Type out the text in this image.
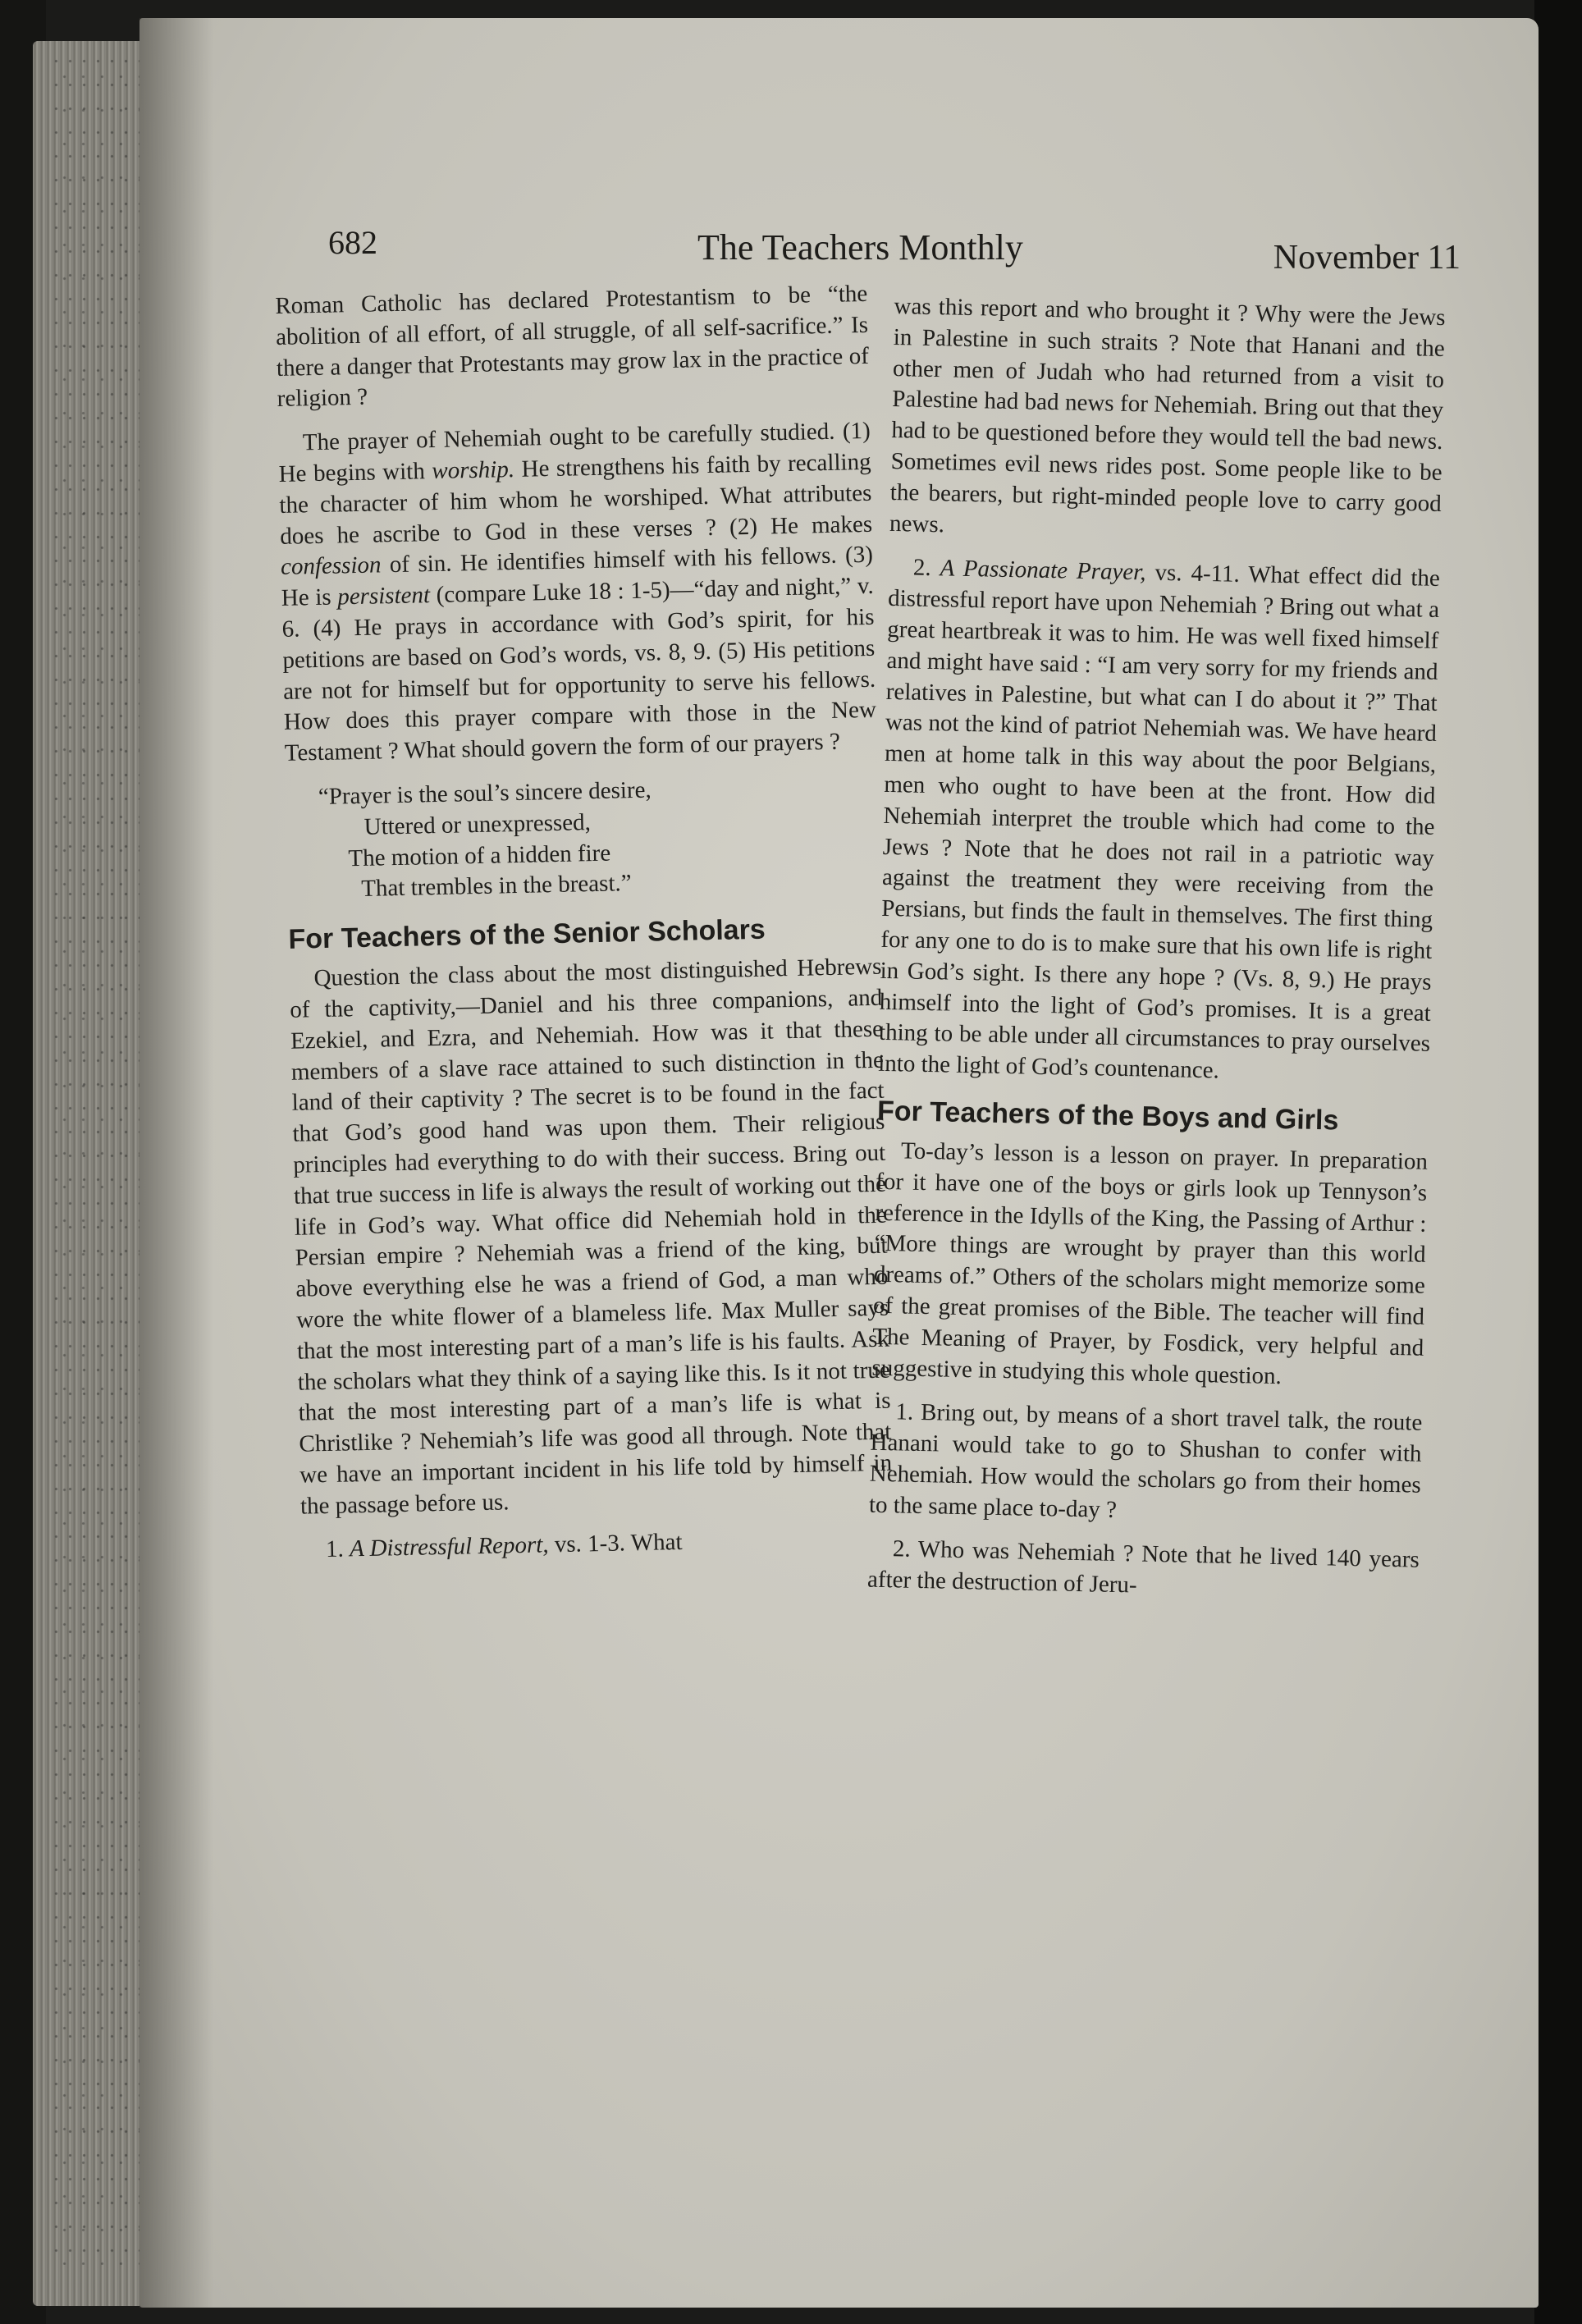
682	The Teachers Monthly	November 11

Roman Catholic has declared Protestantism to be “the abolition of all effort, of all struggle, of all self-sacrifice.” Is there a danger that Protestants may grow lax in the practice of religion ?

The prayer of Nehemiah ought to be carefully studied. (1) He begins with worship. He strengthens his faith by recalling the character of him whom he worshiped. What attributes does he ascribe to God in these verses ? (2) He makes confession of sin. He identifies himself with his fellows. (3) He is persistent (compare Luke 18 : 1-5)—“day and night,” v. 6. (4) He prays in accordance with God’s spirit, for his petitions are based on God’s words, vs. 8, 9. (5) His petitions are not for himself but for opportunity to serve his fellows. How does this prayer compare with those in the New Testament ? What should govern the form of our prayers ?

“Prayer is the soul’s sincere desire,
Uttered or unexpressed,
The motion of a hidden fire
That trembles in the breast.”
For Teachers of the Senior Scholars

Question the class about the most distinguished Hebrews of the captivity,—Daniel and his three companions, and Ezekiel, and Ezra, and Nehemiah. How was it that these members of a slave race attained to such distinction in the land of their captivity ? The secret is to be found in the fact that God’s good hand was upon them. Their religious principles had everything to do with their success. Bring out that true success in life is always the result of working out the life in God’s way. What office did Nehemiah hold in the Persian empire ? Nehemiah was a friend of the king, but above everything else he was a friend of God, a man who wore the white flower of a blameless life. Max Muller says that the most interesting part of a man’s life is his faults. Ask the scholars what they think of a saying like this. Is it not true that the most interesting part of a man’s life is what is Christlike ? Nehemiah’s life was good all through. Note that we have an important incident in his life told by himself in the passage before us.

1. A Distressful Report, vs. 1-3. What

was this report and who brought it ? Why were the Jews in Palestine in such straits ? Note that Hanani and the other men of Judah who had returned from a visit to Palestine had bad news for Nehemiah. Bring out that they had to be questioned before they would tell the bad news. Sometimes evil news rides post. Some people like to be the bearers, but right-minded people love to carry good news.

2. A Passionate Prayer, vs. 4-11. What effect did the distressful report have upon Nehemiah ? Bring out what a great heartbreak it was to him. He was well fixed himself and might have said : “I am very sorry for my friends and relatives in Palestine, but what can I do about it ?” That was not the kind of patriot Nehemiah was. We have heard men at home talk in this way about the poor Belgians, men who ought to have been at the front. How did Nehemiah interpret the trouble which had come to the Jews ? Note that he does not rail in a patriotic way against the treatment they were receiving from the Persians, but finds the fault in themselves. The first thing for any one to do is to make sure that his own life is right in God’s sight. Is there any hope ? (Vs. 8, 9.) He prays himself into the light of God’s promises. It is a great thing to be able under all circumstances to pray ourselves into the light of God’s countenance.

For Teachers of the Boys and Girls

To-day’s lesson is a lesson on prayer. In preparation for it have one of the boys or girls look up Tennyson’s reference in the Idylls of the King, the Passing of Arthur : “More things are wrought by prayer than this world dreams of.” Others of the scholars might memorize some of the great promises of the Bible. The teacher will find The Meaning of Prayer, by Fosdick, very helpful and suggestive in studying this whole question.

1. Bring out, by means of a short travel talk, the route Hanani would take to go to Shushan to confer with Nehemiah. How would the scholars go from their homes to the same place to-day ?

2. Who was Nehemiah ? Note that he lived 140 years after the destruction of Jeru-
